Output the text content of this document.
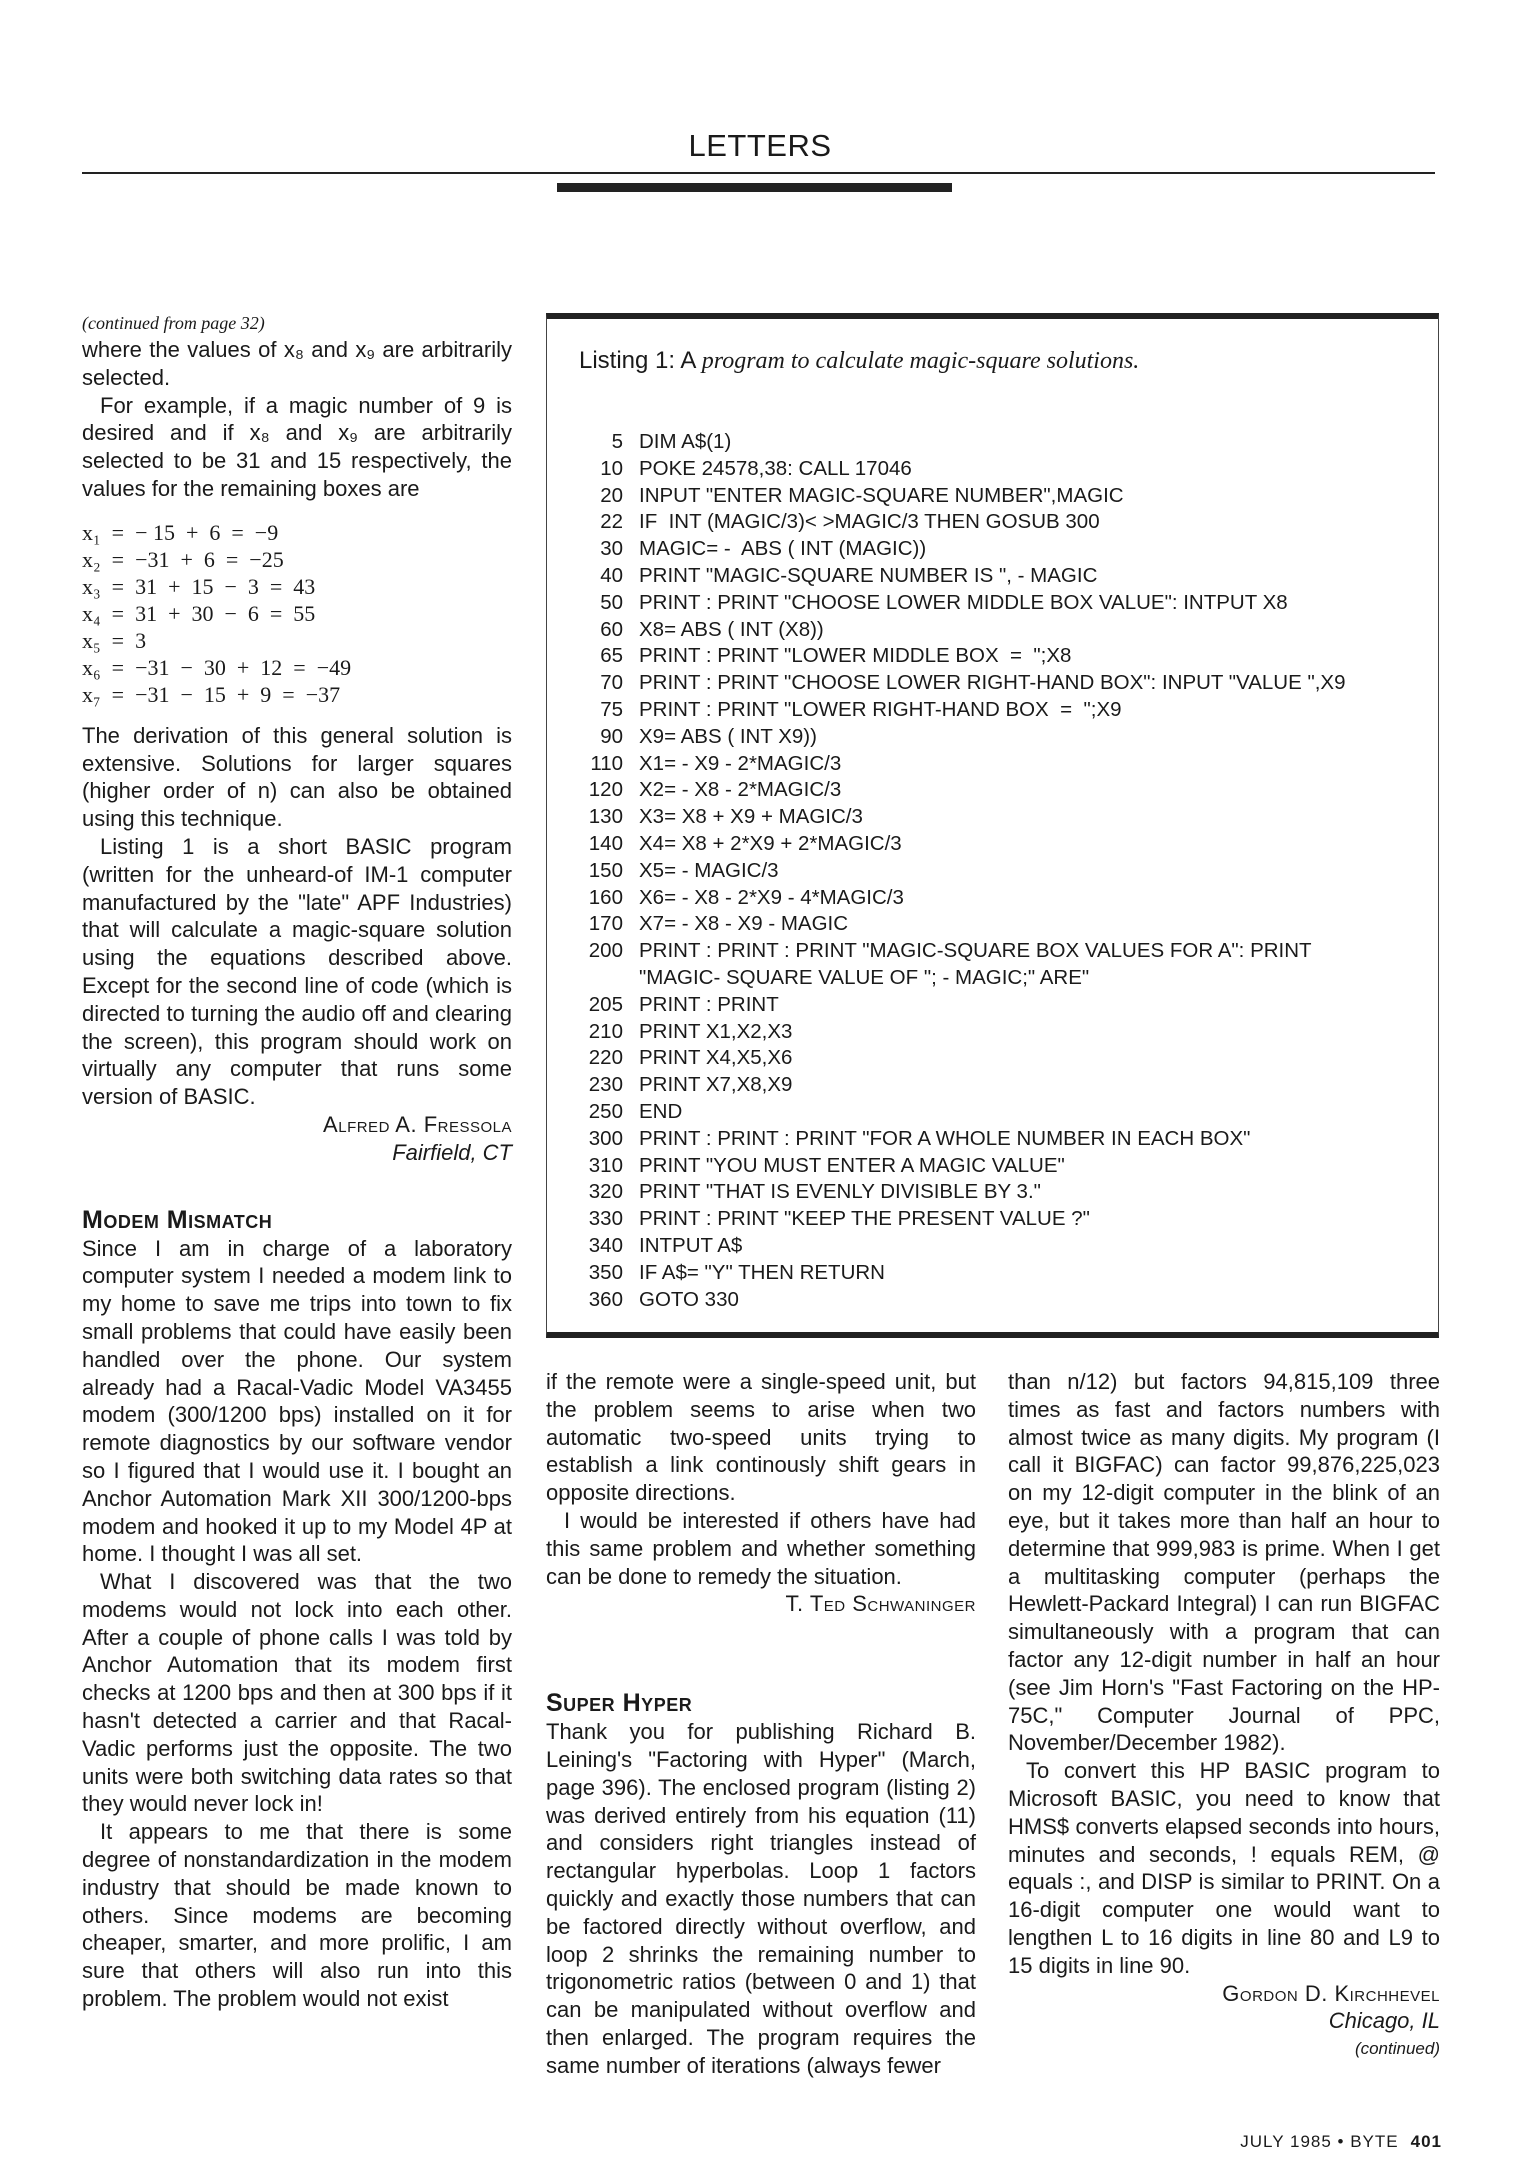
LETTERS
(continued from page 32)

where the values of x₈ and x₉ are arbitrarily selected.

For example, if a magic number of 9 is desired and if x₈ and x₉ are arbitrarily selected to be 31 and 15 respectively, the values for the remaining boxes are

x₁  =  − 15  +  6  =  −9
x₂  =  −31  +  6  =  −25
x₃  =  31  +  15  −  3  =  43
x₄  =  31  +  30  −  6  =  55
x₅  =  3
x₆  =  −31  −  30  +  12  =  −49
x₇  =  −31  −  15  +  9  =  −37

The derivation of this general solution is extensive. Solutions for larger squares (higher order of n) can also be obtained using this technique.

Listing 1 is a short BASIC program (written for the unheard-of IM-1 computer manufactured by the "late" APF Industries) that will calculate a magic-square solution using the equations described above. Except for the second line of code (which is directed to turning the audio off and clearing the screen), this program should work on virtually any computer that runs some version of BASIC.

Alfred A. Fressola
Fairfield, CT
Modem Mismatch

Since I am in charge of a laboratory computer system I needed a modem link to my home to save me trips into town to fix small problems that could have easily been handled over the phone. Our system already had a Racal-Vadic Model VA3455 modem (300/1200 bps) installed on it for remote diagnostics by our software vendor so I figured that I would use it. I bought an Anchor Automation Mark XII 300/1200-bps modem and hooked it up to my Model 4P at home. I thought I was all set.

What I discovered was that the two modems would not lock into each other. After a couple of phone calls I was told by Anchor Automation that its modem first checks at 1200 bps and then at 300 bps if it hasn't detected a carrier and that Racal-Vadic performs just the opposite. The two units were both switching data rates so that they would never lock in!

It appears to me that there is some degree of nonstandardization in the modem industry that should be made known to others. Since modems are becoming cheaper, smarter, and more prolific, I am sure that others will also run into this problem. The problem would not exist

Listing 1: A program to calculate magic-square solutions.
5 DIM A$(1)
10 POKE 24578,38: CALL 17046
20 INPUT "ENTER MAGIC-SQUARE NUMBER",MAGIC
22 IF  INT (MAGIC/3)< >MAGIC/3 THEN GOSUB 300
30 MAGIC= -  ABS ( INT (MAGIC))
40 PRINT "MAGIC-SQUARE NUMBER IS ", - MAGIC
50 PRINT : PRINT "CHOOSE LOWER MIDDLE BOX VALUE": INTPUT X8
60 X8= ABS ( INT (X8))
65 PRINT : PRINT "LOWER MIDDLE BOX  =  ";X8
70 PRINT : PRINT "CHOOSE LOWER RIGHT-HAND BOX": INPUT "VALUE ",X9
75 PRINT : PRINT "LOWER RIGHT-HAND BOX  =  ";X9
90 X9= ABS ( INT X9))
110 X1= - X9 - 2*MAGIC/3
120 X2= - X8 - 2*MAGIC/3
130 X3= X8 + X9 + MAGIC/3
140 X4= X8 + 2*X9 + 2*MAGIC/3
150 X5= - MAGIC/3
160 X6= - X8 - 2*X9 - 4*MAGIC/3
170 X7= - X8 - X9 - MAGIC
200 PRINT : PRINT : PRINT "MAGIC-SQUARE BOX VALUES FOR A": PRINT
"MAGIC- SQUARE VALUE OF "; - MAGIC;" ARE"
205 PRINT : PRINT
210 PRINT X1,X2,X3
220 PRINT X4,X5,X6
230 PRINT X7,X8,X9
250 END
300 PRINT : PRINT : PRINT "FOR A WHOLE NUMBER IN EACH BOX"
310 PRINT "YOU MUST ENTER A MAGIC VALUE"
320 PRINT "THAT IS EVENLY DIVISIBLE BY 3."
330 PRINT : PRINT "KEEP THE PRESENT VALUE ?"
340 INTPUT A$
350 IF A$= "Y" THEN RETURN
360 GOTO 330

if the remote were a single-speed unit, but the problem seems to arise when two automatic two-speed units trying to establish a link continously shift gears in opposite directions.

I would be interested if others have had this same problem and whether something can be done to remedy the situation.

T. Ted Schwaninger
Super Hyper

Thank you for publishing Richard B. Leining's "Factoring with Hyper" (March, page 396). The enclosed program (listing 2) was derived entirely from his equation (11) and considers right triangles instead of rectangular hyperbolas. Loop 1 factors quickly and exactly those numbers that can be factored directly without overflow, and loop 2 shrinks the remaining number to trigonometric ratios (between 0 and 1) that can be manipulated without overflow and then enlarged. The program requires the same number of iterations (always fewer

than n/12) but factors 94,815,109 three times as fast and factors numbers with almost twice as many digits. My program (I call it BIGFAC) can factor 99,876,225,023 on my 12-digit computer in the blink of an eye, but it takes more than half an hour to determine that 999,983 is prime. When I get a multitasking computer (perhaps the Hewlett-Packard Integral) I can run BIGFAC simultaneously with a program that can factor any 12-digit number in half an hour (see Jim Horn's "Fast Factoring on the HP-75C," Computer Journal of PPC, November/December 1982).

To convert this HP BASIC program to Microsoft BASIC, you need to know that HMS$ converts elapsed seconds into hours, minutes and seconds, ! equals REM, @ equals :, and DISP is similar to PRINT. On a 16-digit computer one would want to lengthen L to 16 digits in line 80 and L9 to 15 digits in line 90.

Gordon D. Kirchhevel
Chicago, IL
(continued)
JULY 1985 • BYTE 401
